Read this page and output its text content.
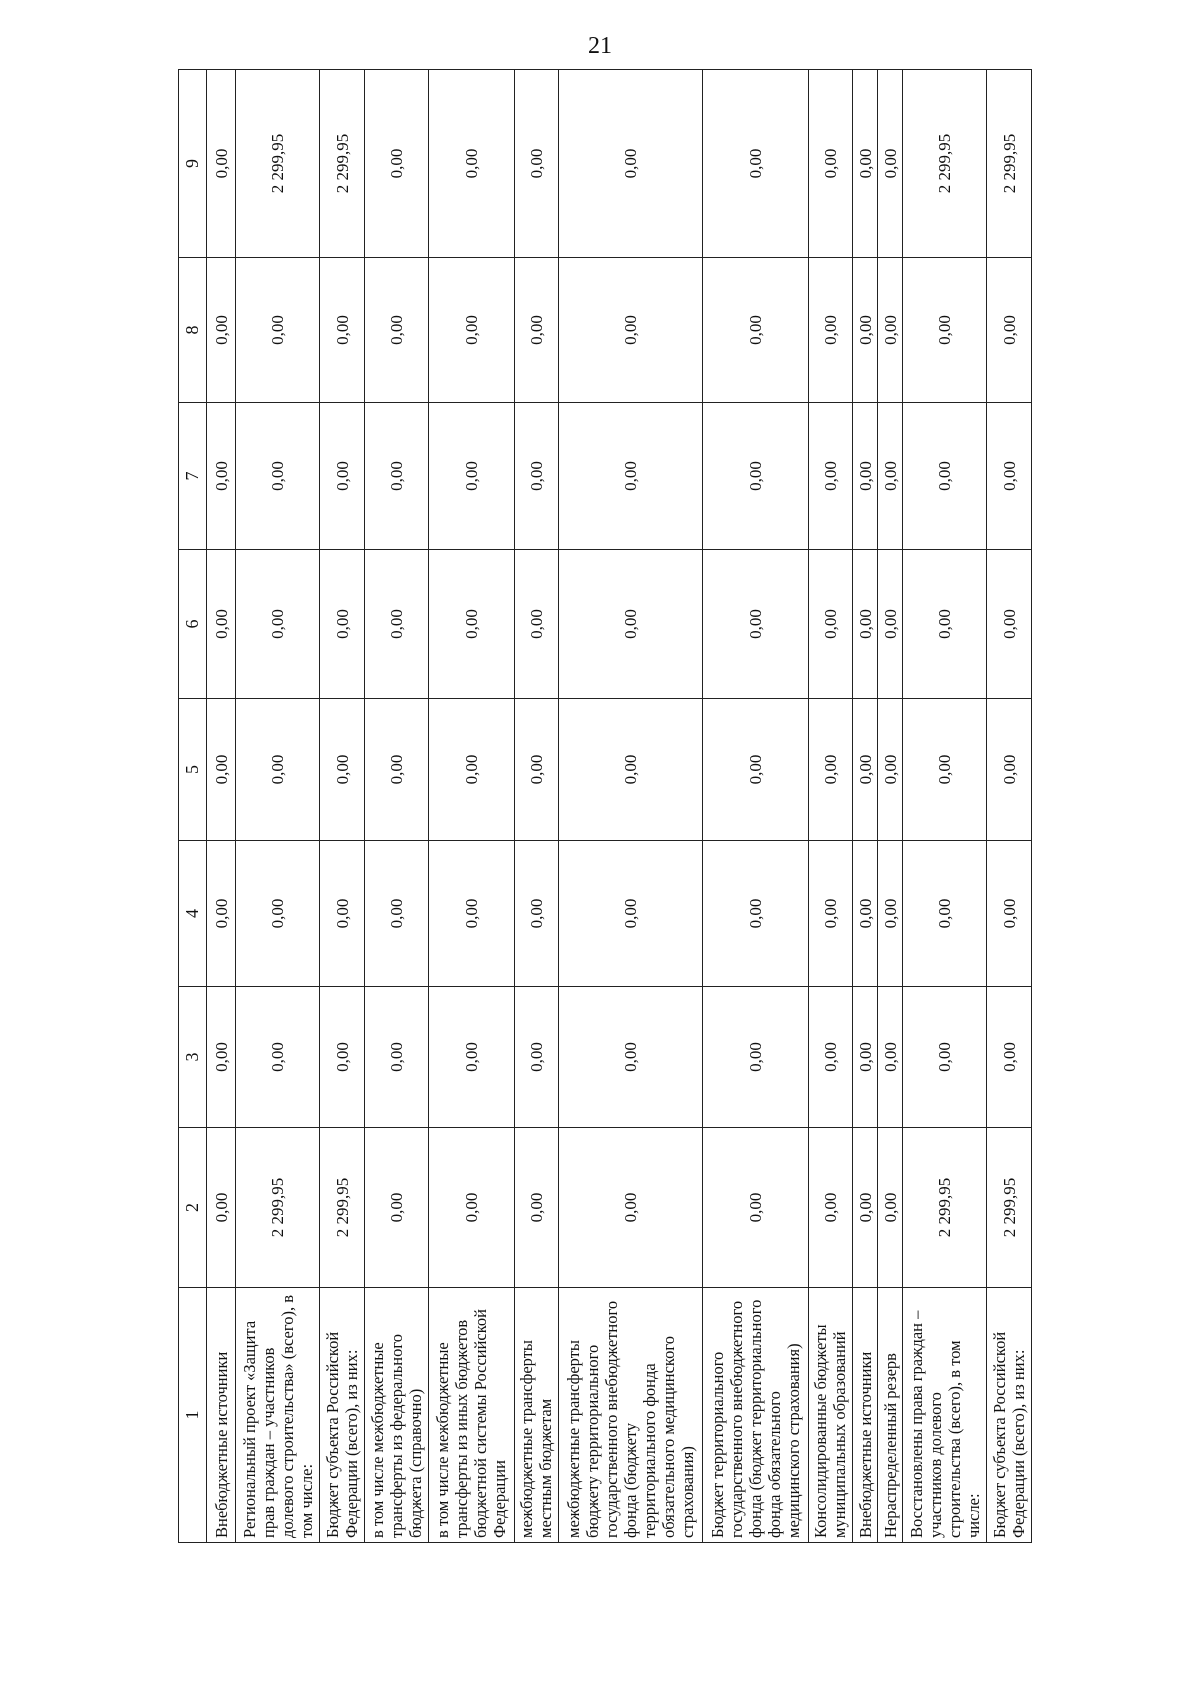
21
1	2	3	4	5	6	7	8	9
Внебюджетные источники	0,00	0,00	0,00	0,00	0,00	0,00	0,00	0,00
Региональный проект «Защита прав граждан – участников долевого строительства» (всего), в том числе:	2 299,95	0,00	0,00	0,00	0,00	0,00	0,00	2 299,95
Бюджет субъекта Российской Федерации (всего), из них:	2 299,95	0,00	0,00	0,00	0,00	0,00	0,00	2 299,95
в том числе межбюджетные трансферты из федерального бюджета (справочно)	0,00	0,00	0,00	0,00	0,00	0,00	0,00	0,00
в том числе межбюджетные трансферты из иных бюджетов бюджетной системы Российской Федерации	0,00	0,00	0,00	0,00	0,00	0,00	0,00	0,00
межбюджетные трансферты местным бюджетам	0,00	0,00	0,00	0,00	0,00	0,00	0,00	0,00
межбюджетные трансферты бюджету территориального государственного внебюджетного фонда (бюджету территориального фонда обязательного медицинского страхования)	0,00	0,00	0,00	0,00	0,00	0,00	0,00	0,00
Бюджет территориального государственного внебюджетного фонда (бюджет территориального фонда обязательного медицинского страхования)	0,00	0,00	0,00	0,00	0,00	0,00	0,00	0,00
Консолидированные бюджеты муниципальных образований	0,00	0,00	0,00	0,00	0,00	0,00	0,00	0,00
Внебюджетные источники	0,00	0,00	0,00	0,00	0,00	0,00	0,00	0,00
Нераспределенный резерв	0,00	0,00	0,00	0,00	0,00	0,00	0,00	0,00
Восстановлены права граждан – участников долевого строительства (всего), в том числе:	2 299,95	0,00	0,00	0,00	0,00	0,00	0,00	2 299,95
Бюджет субъекта Российской Федерации (всего), из них:	2 299,95	0,00	0,00	0,00	0,00	0,00	0,00	2 299,95
